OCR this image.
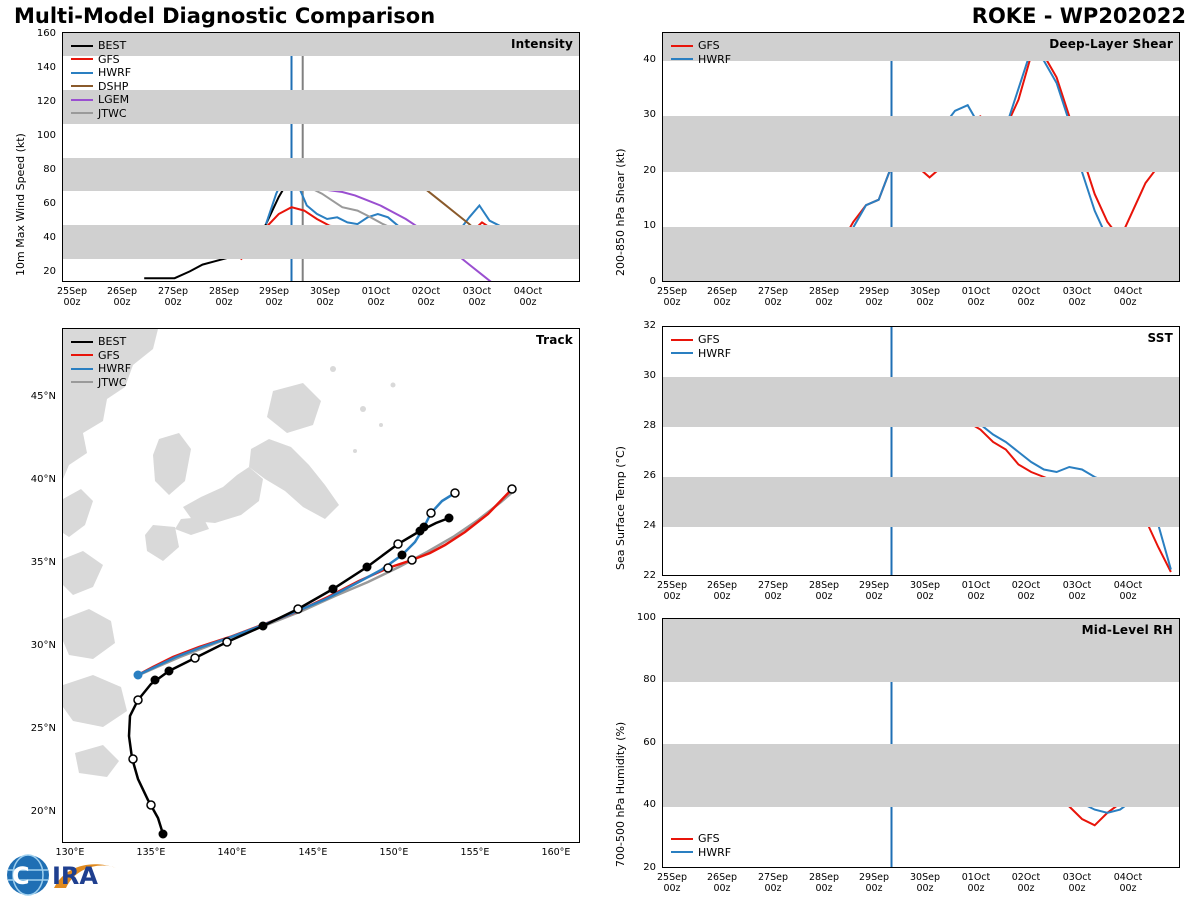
Multi-Model Diagnostic Comparison	ROKE - WP202022
10m Max Wind Speed (kt)
Intensity
BEST
GFS
HWRF
DSHP
LGEM
JTWC
20
40
60
80
100
120
140
160
25Sep
00z
26Sep
00z
27Sep
00z
28Sep
00z
29Sep
00z
30Sep
00z
01Oct
00z
02Oct
00z
03Oct
00z
04Oct
00z
Track
BEST
GFS
HWRF
JTWC
45°N
40°N
35°N
30°N
25°N
20°N
130°E	135°E	140°E	145°E	150°E	155°E	160°E
IRA
C
200-850 hPa Shear (kt)
Deep-Layer Shear
GFS
HWRF
0
10
20
30
40
25Sep
00z
26Sep
00z
27Sep
00z
28Sep
00z
29Sep
00z
30Sep
00z
01Oct
00z
02Oct
00z
03Oct
00z
04Oct
00z
Sea Surface Temp (°C)
SST
GFS
HWRF
22
24
26
28
30
32
25Sep
00z
26Sep
00z
27Sep
00z
28Sep
00z
29Sep
00z
30Sep
00z
01Oct
00z
02Oct
00z
03Oct
00z
04Oct
00z
700-500 hPa Humidity (%)
Mid-Level RH
GFS
HWRF
20
40
60
80
100
25Sep
00z
26Sep
00z
27Sep
00z
28Sep
00z
29Sep
00z
30Sep
00z
01Oct
00z
02Oct
00z
03Oct
00z
04Oct
00z
